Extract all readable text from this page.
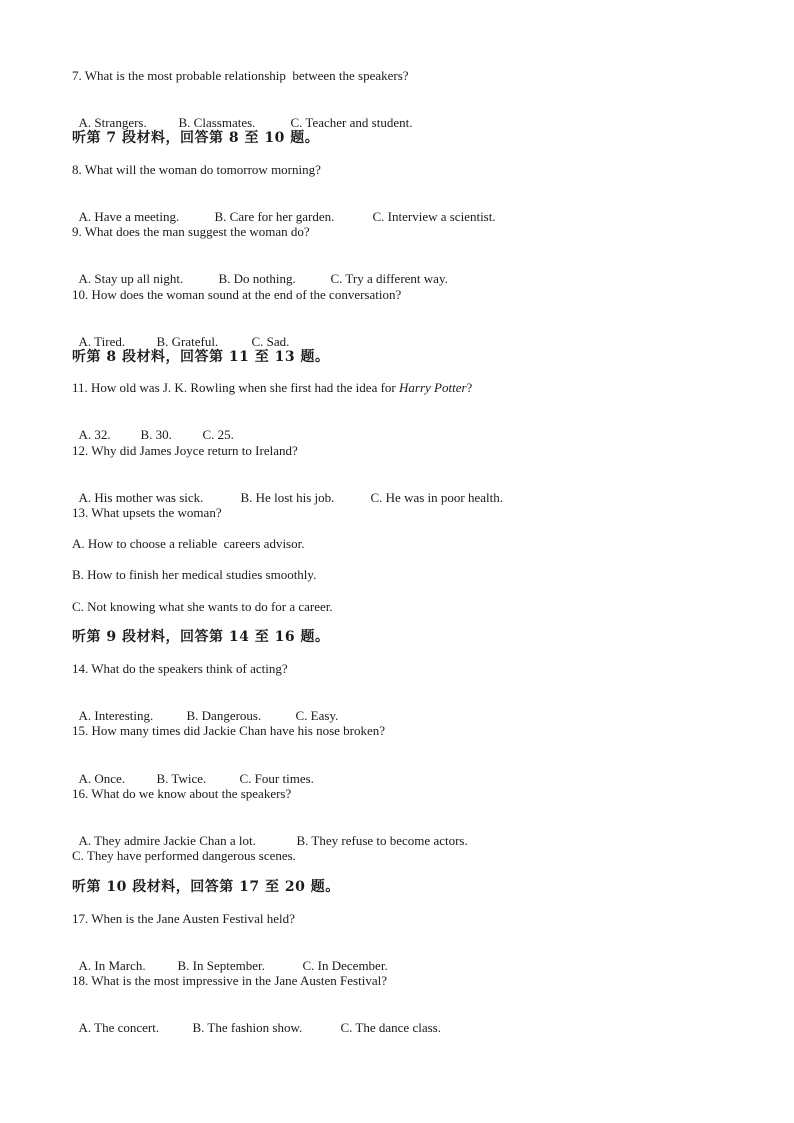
7. What is the most probable relationship  between the speakers?

A. Strangers. B. Classmates.	C. Teacher and student.

听第 7 段材料，回答第 8 至 10 题。
8. What will the woman do tomorrow morning?

A. Have a meeting.	B. Care for her garden.	C. Interview a scientist.

9. What does the man suggest the woman do?

A. Stay up all night.	B. Do nothing.	C. Try a different way.

10. How does the woman sound at the end of the conversation?

A. Tired. B. Grateful.	C. Sad.

听第 8 段材料，回答第 11 至 13 题。
11. How old was J. K. Rowling when she first had the idea for Harry Potter?

A. 32. B. 30. C. 25.

12. Why did James Joyce return to Ireland?

A. His mother was sick.	B. He lost his job.	C. He was in poor health.

13. What upsets the woman?
A. How to choose a reliable  careers advisor.
B. How to finish her medical studies smoothly.
C. Not knowing what she wants to do for a career.
听第 9 段材料，回答第 14 至 16 题。
14. What do the speakers think of acting?

A. Interesting.	B. Dangerous.	C. Easy.

15. How many times did Jackie Chan have his nose broken?

A. Once. B. Twice.	C. Four times.

16. What do we know about the speakers?

A. They admire Jackie Chan a lot.	B. They refuse to become actors.

C. They have performed dangerous scenes.
听第 10 段材料，回答第 17 至 20 题。
17. When is the Jane Austen Festival held?

A. In March. B. In September.	C. In December.

18. What is the most impressive in the Jane Austen Festival?

A. The concert.	B. The fashion show.	C. The dance class.
